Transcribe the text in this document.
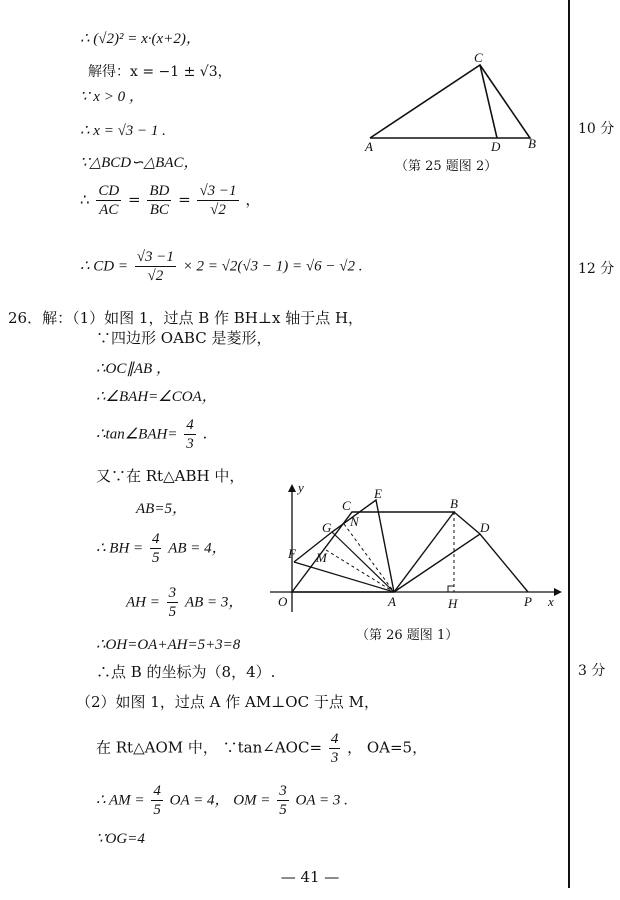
∴ (√2)² = x·(x+2)，
解得：x = −1 ± √3，
∵ x > 0 ，
∴ x = √3 − 1 .
∵△BCD∽△BAC，
∴ $\frac{CD}{AC} = \frac{BD}{BC} = \frac{√3 -1}{√2}$ ，
∴ CD = $\frac{√3 -1}{√2} \times 2 = √2(√3 - 1) = √6 - √2$ .
C
A	D B
（第 25 题图 2）
26．解：（1）如图 1，过点 B 作 BH⊥x 轴于点 H，
∵四边形 OABC 是菱形，
∴OC∥AB ，
∴∠BAH=∠COA，
∴tan∠BAH= $\frac{4}{3}$ .
又∵在 Rt△ABH 中，
AB=5，
∴ BH = $\frac{4}{5}$ AB = 4，
AH = $\frac{3}{5}$ AB = 3，
∴OH=OA+AH=5+3=8
∴点 B 的坐标为（8，4）.
（2）如图 1，过点 A 作 AM⊥OC 于点 M，
在 Rt△AOM 中， ∵tan∠AOC= $\frac{4}{3}$ ， OA=5，
∴ AM = $\frac{4}{5}$ OA = 4， OM = $\frac{3}{5}$ OA = 3 .
∵OG=4
y
O	A	H	P x
C
E
B
D
G N
F M
（第 26 题图 1）
10 分
12 分
3 分
— 41 —
